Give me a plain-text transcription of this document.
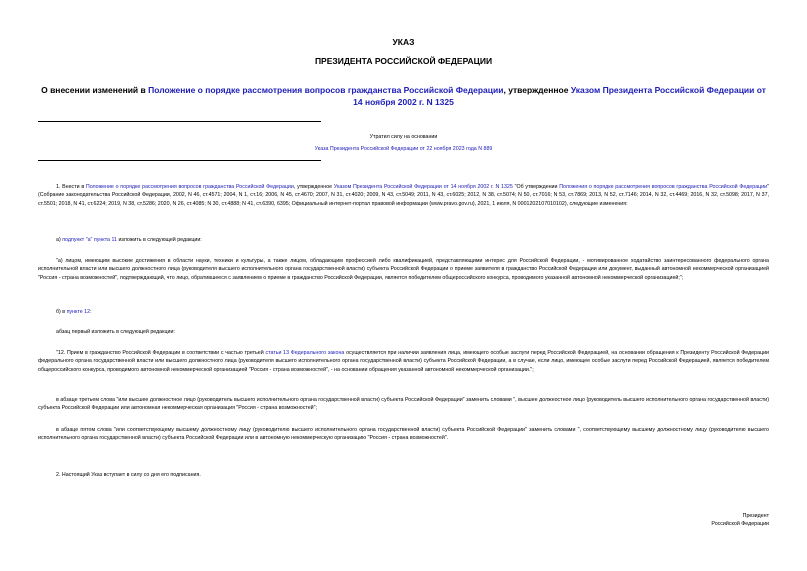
УКАЗ
ПРЕЗИДЕНТА РОССИЙСКОЙ ФЕДЕРАЦИИ
О внесении изменений в Положение о порядке рассмотрения вопросов гражданства Российской Федерации, утвержденное Указом Президента Российской Федерации от 14 ноября 2002 г. N 1325
Утратил силу на основании
Указа Президента Российской Федерации от 22 ноября 2023 года N 889

1. Внести в Положение о порядке рассмотрения вопросов гражданства Российской Федерации, утвержденное Указом Президента Российской Федерации от 14 ноября 2002 г. N 1325 "Об утверждении Положения о порядке рассмотрения вопросов гражданства Российской Федерации" (Собрание законодательства Российской Федерации, 2002, N 46, ст.4571; 2004, N 1, ст.16; 2006, N 45, ст.4670; 2007, N 31, ст.4020; 2009, N 43, ст.5049; 2011, N 43, ст.6025; 2012, N 38, ст.5074; N 50, ст.7016; N 53, ст.7869; 2013, N 52, ст.7146; 2014, N 32, ст.4469; 2016, N 32, ст.5098; 2017, N 37, ст.5501; 2018, N 41, ст.6224; 2019, N 38, ст.5286; 2020, N 26, ст.4085; N 30, ст.4888; N 41, ст.6390, 6395; Официальный интернет-портал правовой информации (www.pravo.gov.ru), 2021, 1 июля, N 0001202107010102), следующие изменения:

а) подпункт "а" пункта 11 изложить в следующей редакции:

"а) лицом, имеющим высокие достижения в области науки, техники и культуры, а также лицом, обладающим профессией либо квалификацией, представляющими интерес для Российской Федерации, - мотивированное ходатайство заинтересованного федерального органа исполнительной власти или высшего должностного лица (руководителя высшего исполнительного органа государственной власти) субъекта Российской Федерации о приеме заявителя в гражданство Российской Федерации или документ, выданный автономной некоммерческой организацией "Россия - страна возможностей", подтверждающий, что лицо, обратившееся с заявлением о приеме в гражданство Российской Федерации, является победителем общероссийского конкурса, проводимого указанной автономной некоммерческой организацией;";

б) в пункте 12:

абзац первый изложить в следующей редакции:

"12. Прием в гражданство Российской Федерации в соответствии с частью третьей статьи 13 Федерального закона осуществляется при наличии заявления лица, имеющего особые заслуги перед Российской Федерацией, на основании обращения к Президенту Российской Федерации федерального органа государственной власти или высшего должностного лица (руководителя высшего исполнительного органа государственной власти) субъекта Российской Федерации, а в случае, если лицо, имеющее особые заслуги перед Российской Федерацией, является победителем общероссийского конкурса, проводимого автономной некоммерческой организацией "Россия - страна возможностей", - на основании обращения указанной автономной некоммерческой организации.";

в абзаце третьем слова "или высшее должностное лицо (руководитель высшего исполнительного органа государственной власти) субъекта Российской Федерации" заменить словами ", высшее должностное лицо (руководитель высшего исполнительного органа государственной власти) субъекта Российской Федерации или автономная некоммерческая организация "Россия - страна возможностей";

в абзаце пятом слова "или соответствующему высшему должностному лицу (руководителю высшего исполнительного органа государственной власти) субъекта Российской Федерации" заменить словами ", соответствующему высшему должностному лицу (руководителю высшего исполнительного органа государственной власти) субъекта Российской Федерации или в автономную некоммерческую организацию "Россия - страна возможностей".

2. Настоящий Указ вступает в силу со дня его подписания.

Президент
Российской Федерации
